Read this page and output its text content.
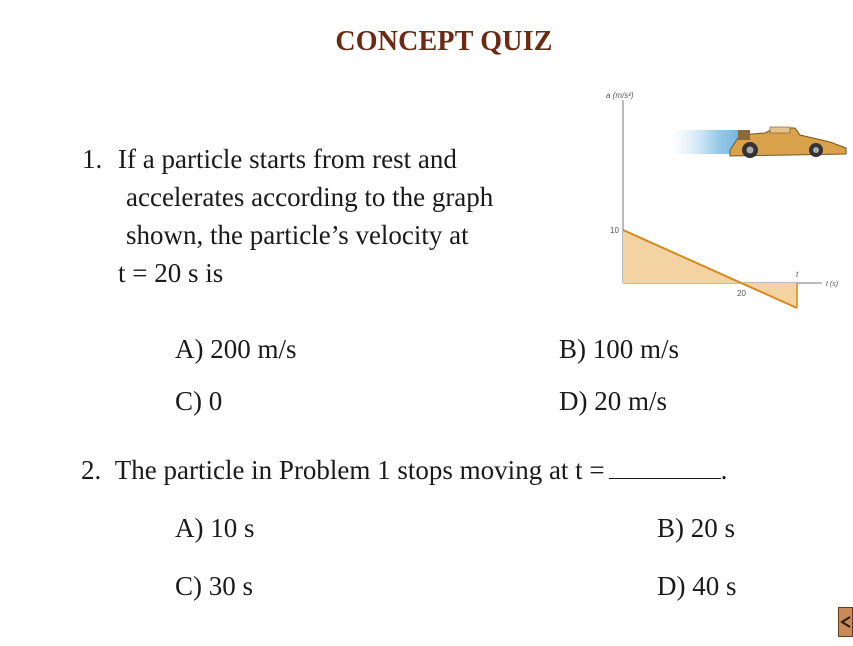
CONCEPT QUIZ
1. If a particle starts from rest and
accelerates according to the graph
shown, the particle’s velocity at
t = 20 s is
a (m/s²)
10
20
t
t (s)
A) 200 m/s	B) 100 m/s
C) 0	D) 20 m/s
2. The particle in Problem 1 stops moving at t =	.
A) 10 s	B) 20 s
C) 30 s	D) 40 s
